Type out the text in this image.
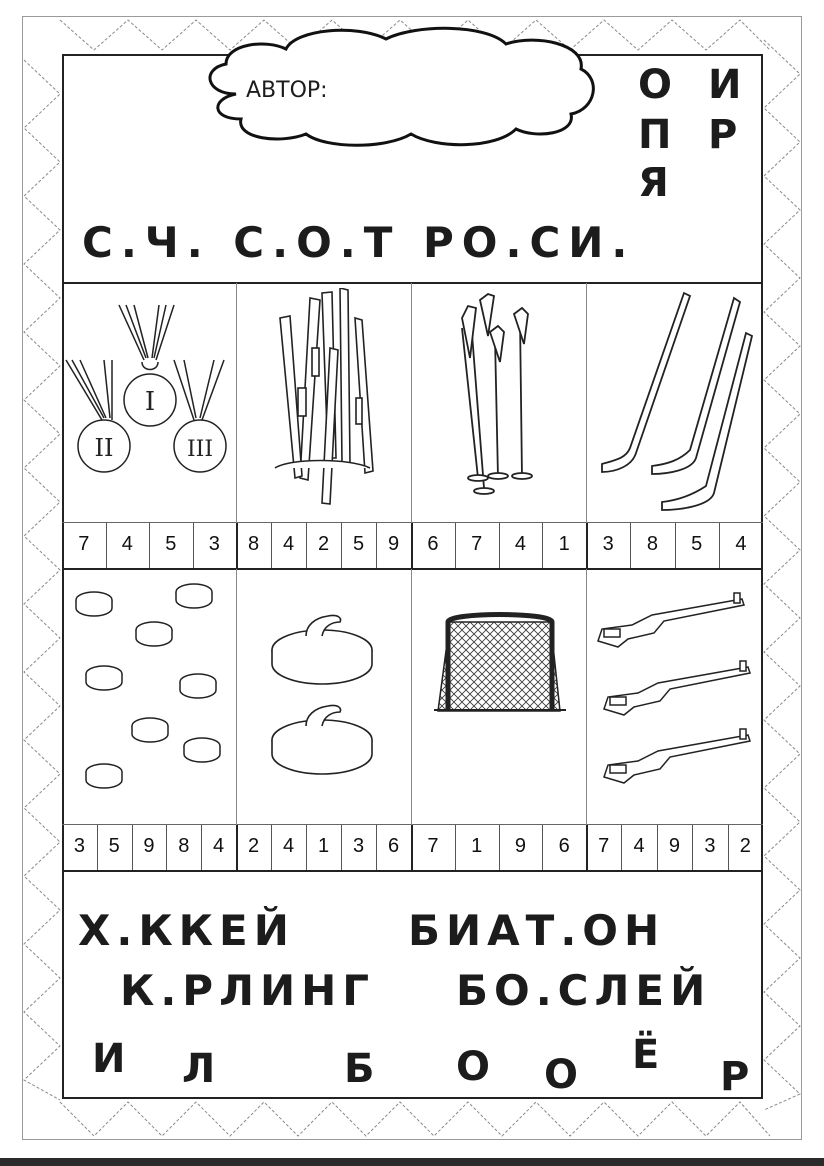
АВТОР:	О И
П Р
Я
С.Ч. С.О.Т РО.СИ.
I
II	III
7	4	5	3	8	4	2	5	9	6	7	4	1	3	8	5	4
3	5	9	8	4	2	4	1	3	6	7	1	9	6	7	4	9	3	2
Х.ККЕЙ	БИАТ.ОН
К.РЛИНГ БО.СЛЕЙ
И Л	Б О О Ё Р
